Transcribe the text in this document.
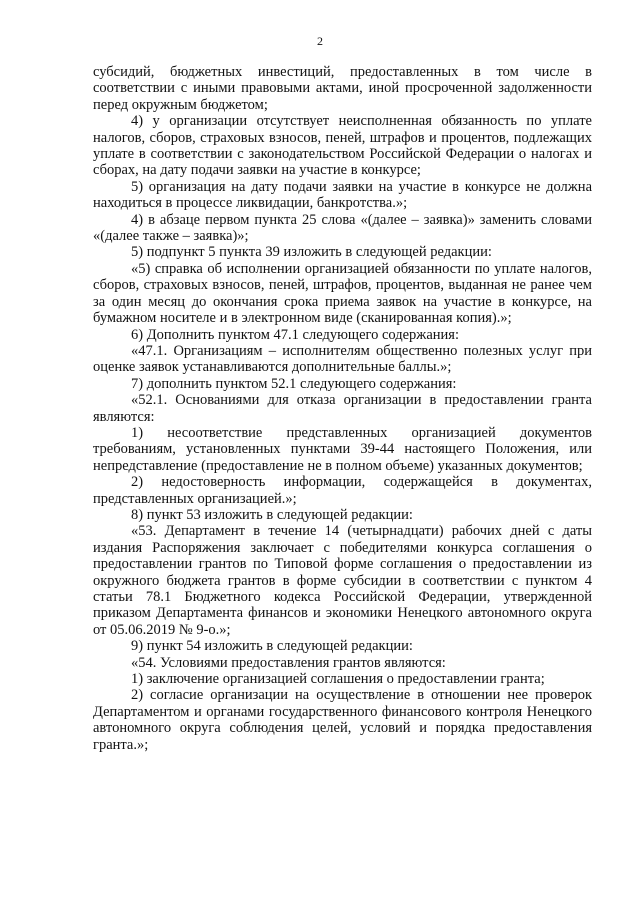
2

субсидий, бюджетных инвестиций, предоставленных в том числе в соответствии с иными правовыми актами, иной просроченной задолженности перед окружным бюджетом;

4) у организации отсутствует неисполненная обязанность по уплате налогов, сборов, страховых взносов, пеней, штрафов и процентов, подлежащих уплате в соответствии с законодательством Российской Федерации о налогах и сборах, на дату подачи заявки на участие в конкурсе;

5) организация на дату подачи заявки на участие в конкурсе не должна находиться в процессе ликвидации, банкротства.»;

4) в абзаце первом пункта 25 слова «(далее – заявка)» заменить словами «(далее также – заявка)»;

5) подпункт 5 пункта 39 изложить в следующей редакции:

«5) справка об исполнении организацией обязанности по уплате налогов, сборов, страховых взносов, пеней, штрафов, процентов, выданная не ранее чем за один месяц до окончания срока приема заявок на участие в конкурсе, на бумажном носителе и в электронном виде (сканированная копия).»;

6) Дополнить пунктом 47.1 следующего содержания:

«47.1. Организациям – исполнителям общественно полезных услуг при оценке заявок устанавливаются дополнительные баллы.»;

7) дополнить пунктом 52.1 следующего содержания:

«52.1. Основаниями для отказа организации в предоставлении гранта являются:

1) несоответствие представленных организацией документов требованиям, установленных пунктами 39-44 настоящего Положения, или непредставление (предоставление не в полном объеме) указанных документов;

2) недостоверность информации, содержащейся в документах, представленных организацией.»;

8) пункт 53 изложить в следующей редакции:

«53. Департамент в течение 14 (четырнадцати) рабочих дней с даты издания Распоряжения заключает с победителями конкурса соглашения о предоставлении грантов по Типовой форме соглашения о предоставлении из окружного бюджета грантов в форме субсидии в соответствии с пунктом 4 статьи 78.1 Бюджетного кодекса Российской Федерации, утвержденной приказом Департамента финансов и экономики Ненецкого автономного округа от 05.06.2019 № 9-о.»;

9) пункт 54 изложить в следующей редакции:

«54. Условиями предоставления грантов являются:

1) заключение организацией соглашения о предоставлении гранта;

2) согласие организации на осуществление в отношении нее проверок Департаментом и органами государственного финансового контроля Ненецкого автономного округа соблюдения целей, условий и порядка предоставления гранта.»;
